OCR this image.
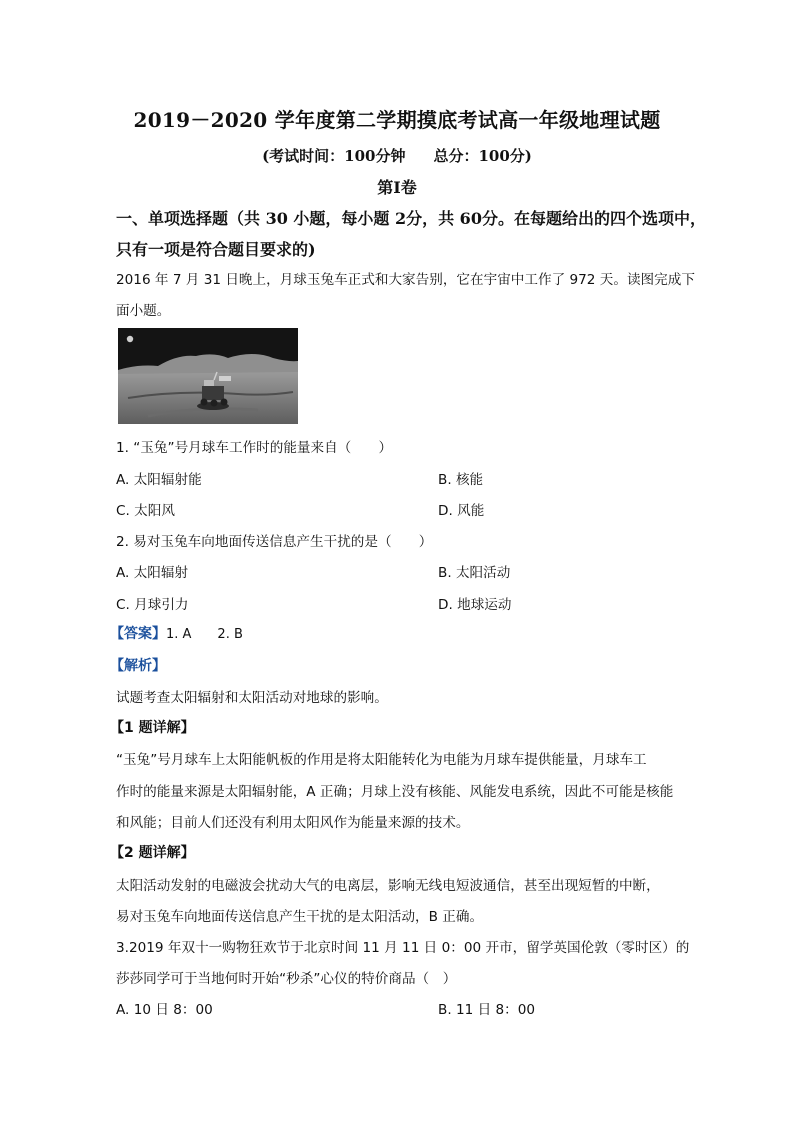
2019－2020 学年度第二学期摸底考试高一年级地理试题
(考试时间：100分钟 总分：100分)
第Ⅰ卷
一、单项选择题（共 30 小题，每小题 2分，共 60分。在每题给出的四个选项中，
只有一项是符合题目要求的)
2016 年 7 月 31 日晚上，月球玉兔车正式和大家告别，它在宇宙中工作了 972 天。读图完成下
面小题。
1. “玉兔”号月球车工作时的能量来自（　　）
A. 太阳辐射能	B. 核能
C. 太阳风	D. 风能
2. 易对玉兔车向地面传送信息产生干扰的是（　　）
A. 太阳辐射	B. 太阳活动
C. 月球引力	D. 地球运动
【答案】1. A　　2. B
【解析】
试题考查太阳辐射和太阳活动对地球的影响。
【1 题详解】
“玉兔”号月球车上太阳能帆板的作用是将太阳能转化为电能为月球车提供能量，月球车工
作时的能量来源是太阳辐射能，A 正确；月球上没有核能、风能发电系统，因此不可能是核能
和风能；目前人们还没有利用太阳风作为能量来源的技术。
【2 题详解】
太阳活动发射的电磁波会扰动大气的电离层，影响无线电短波通信，甚至出现短暂的中断，
易对玉兔车向地面传送信息产生干扰的是太阳活动，B 正确。
3.2019 年双十一购物狂欢节于北京时间 11 月 11 日 0：00 开市，留学英国伦敦（零时区）的
莎莎同学可于当地何时开始“秒杀”心仪的特价商品（　）
A. 10 日 8：00	B. 11 日 8：00
